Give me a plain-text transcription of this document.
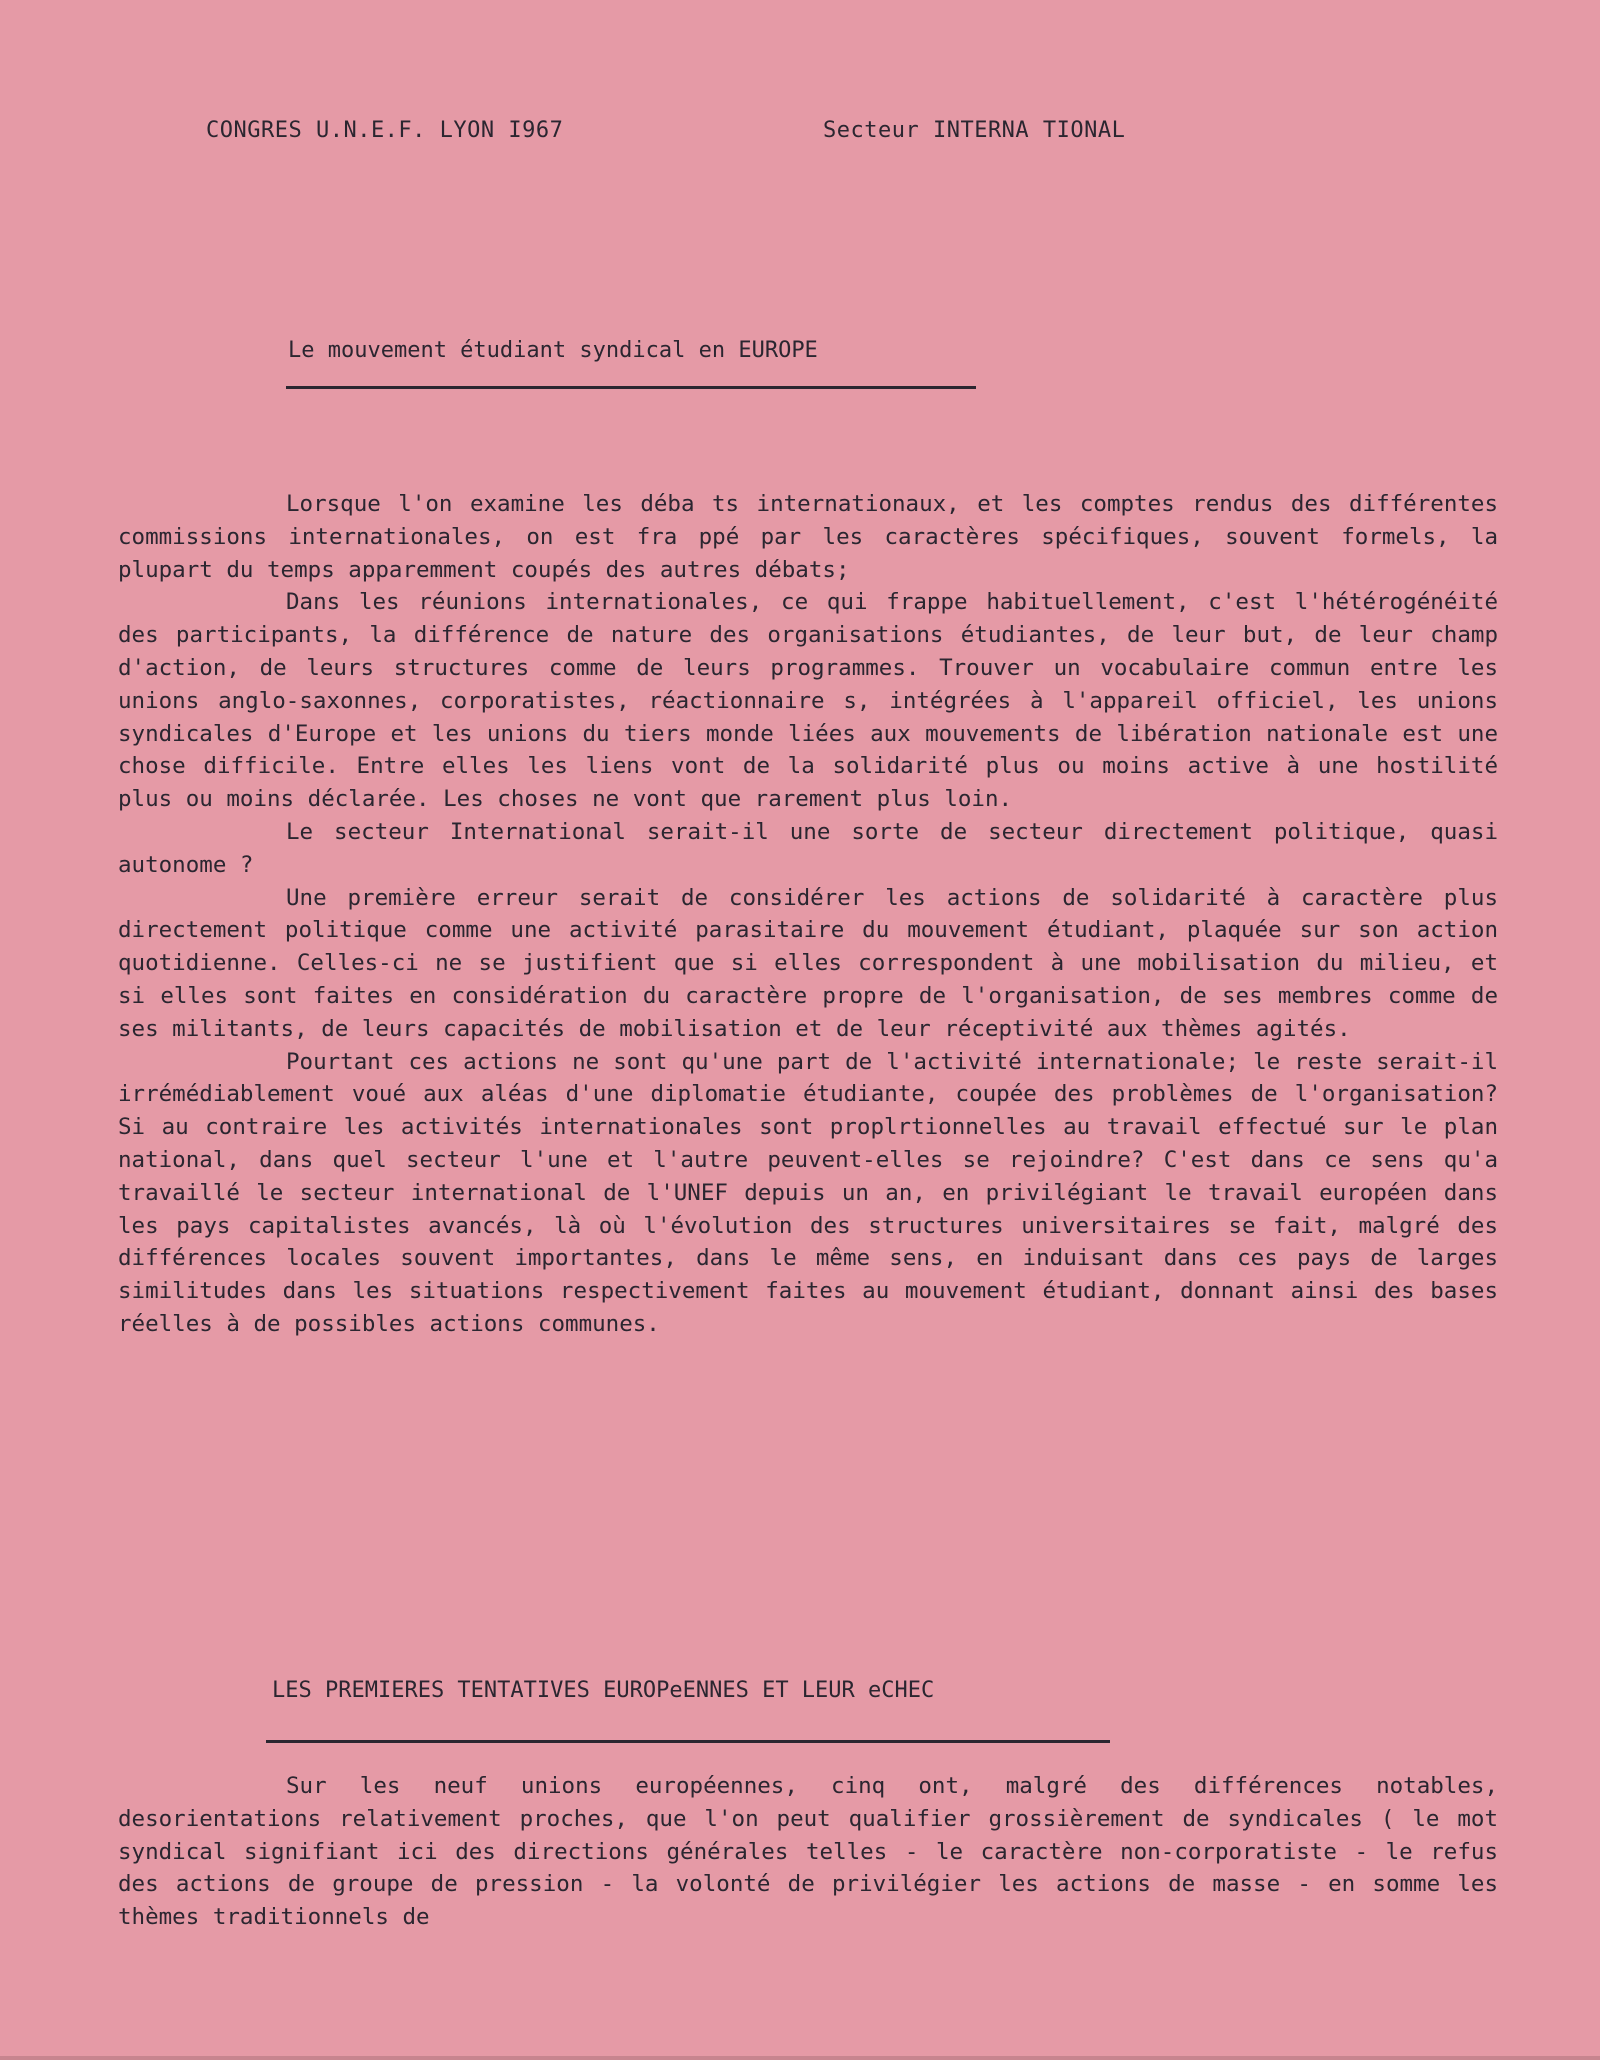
CONGRES U.N.E.F. LYON I967	Secteur INTERNA TIONAL
Le mouvement étudiant syndical en EUROPE

Lorsque l'on examine les déba ts internationaux, et les comptes rendus des différentes commissions internationales, on est fra ppé par les caractères spécifiques, souvent formels, la plupart du temps apparemment coupés des autres débats;

Dans les réunions internationales, ce qui frappe habituellement, c'est l'hétérogénéité des participants, la différence de nature des organisations étudiantes, de leur but, de leur champ d'action, de leurs structures comme de leurs programmes. Trouver un vocabulaire commun entre les unions anglo-saxonnes, corporatistes, réactionnaire s, intégrées à l'appareil officiel, les unions syndicales d'Europe et les unions du tiers monde liées aux mouvements de libération nationale est une chose difficile. Entre elles les liens vont de la solidarité plus ou moins active à une hostilité plus ou moins déclarée. Les choses ne vont que rarement plus loin.

Le secteur International serait-il une sorte de secteur directement politique, quasi autonome ?

Une première erreur serait de considérer les actions de solidarité à caractère plus directement politique comme une activité parasitaire du mouvement étudiant, plaquée sur son action quotidienne. Celles-ci ne se justifient que si elles correspondent à une mobilisation du milieu, et si elles sont faites en considération du caractère propre de l'organisation, de ses membres comme de ses militants, de leurs capacités de mobilisation et de leur réceptivité aux thèmes agités.

Pourtant ces actions ne sont qu'une part de l'activité internationale; le reste serait-il irrémédiablement voué aux aléas d'une diplomatie étudiante, coupée des problèmes de l'organisation? Si au contraire les activités internationales sont proplrtionnelles au travail effectué sur le plan national, dans quel secteur l'une et l'autre peuvent-elles se rejoindre? C'est dans ce sens qu'a travaillé le secteur international de l'UNEF depuis un an, en privilégiant le travail européen dans les pays capitalistes avancés, là où l'évolution des structures universitaires se fait, malgré des différences locales souvent importantes, dans le même sens, en induisant dans ces pays de larges similitudes dans les situations respectivement faites au mouvement étudiant, donnant ainsi des bases réelles à de possibles actions communes.

LES PREMIERES TENTATIVES EUROPeENNES ET LEUR eCHEC

Sur les neuf unions européennes, cinq ont, malgré des différences notables, desorientations relativement proches, que l'on peut qualifier grossièrement de syndicales ( le mot syndical signifiant ici des directions générales telles - le caractère non-corporatiste - le refus des actions de groupe de pression - la volonté de privilégier les actions de masse - en somme les thèmes traditionnels de
